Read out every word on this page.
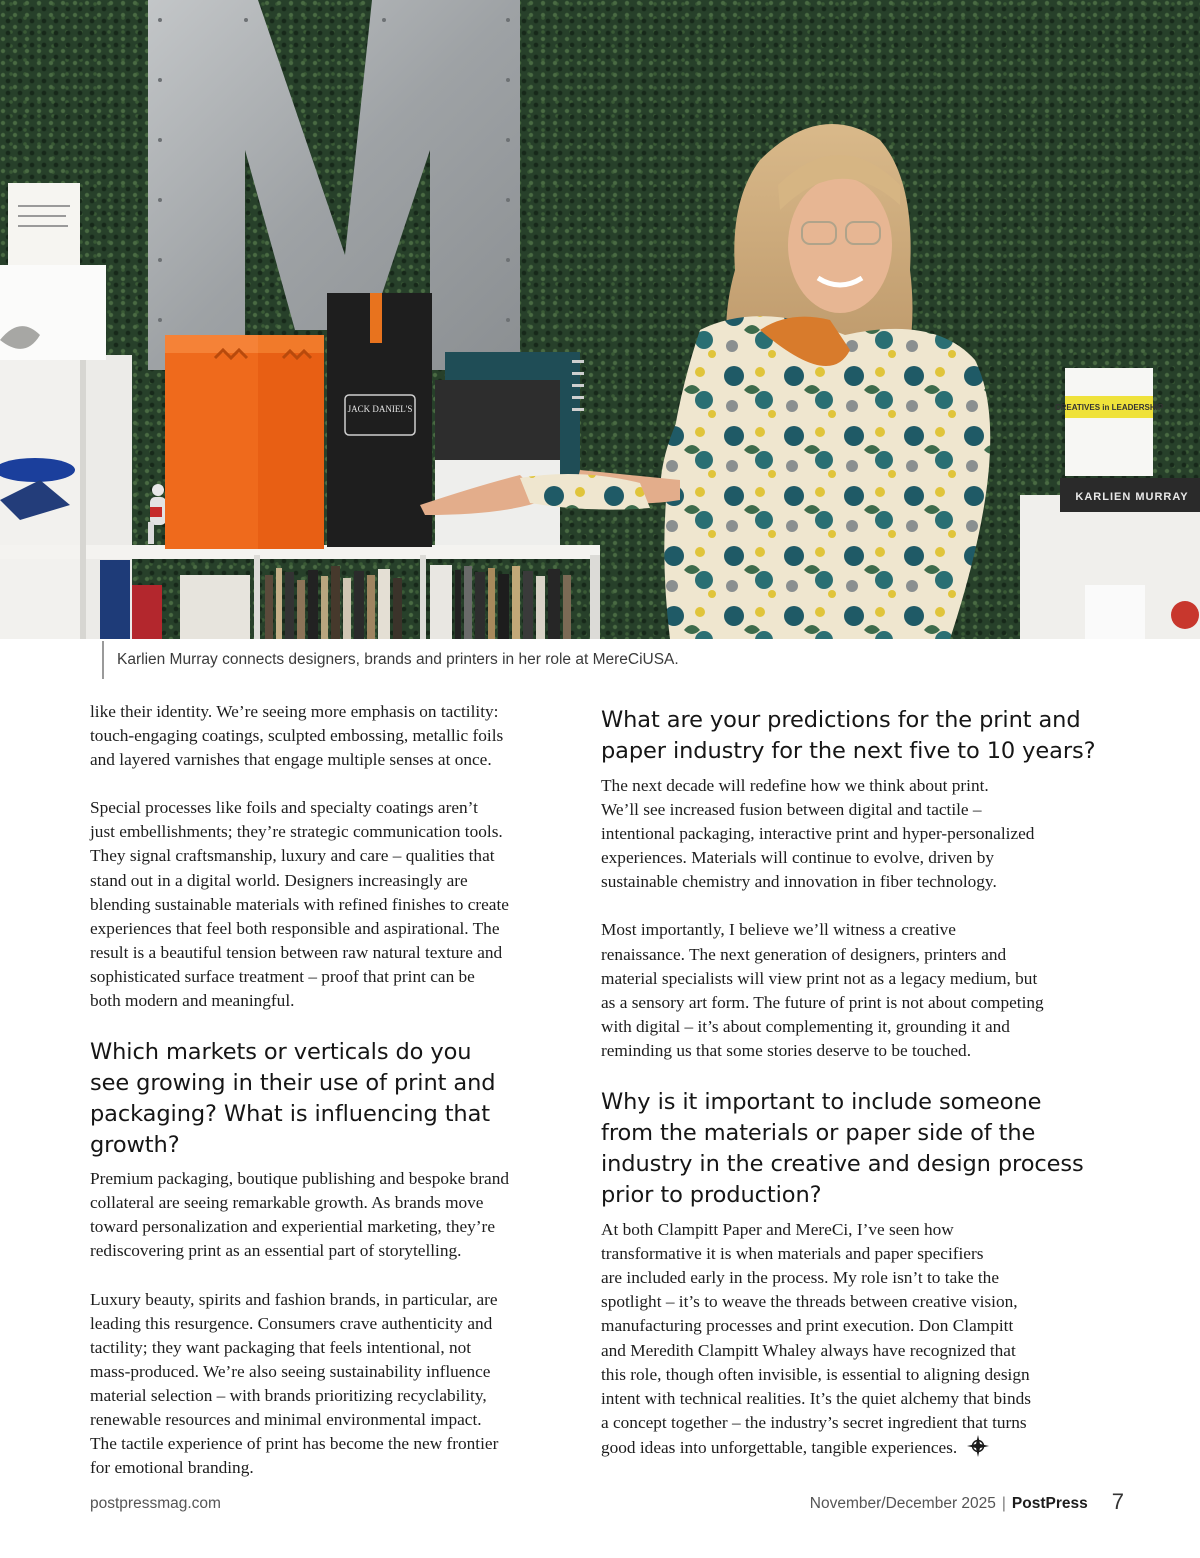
JACK DANIEL'S	CREATIVES in LEADERSHIP
KARLIEN MURRAY
Karlien Murray connects designers, brands and printers in her role at MereCiUSA.

like their identity. We’re seeing more emphasis on tactility:
touch-engaging coatings, sculpted embossing, metallic foils
and layered varnishes that engage multiple senses at once.

Special processes like foils and specialty coatings aren’t
just embellishments; they’re strategic communication tools.
They signal craftsmanship, luxury and care – qualities that
stand out in a digital world. Designers increasingly are
blending sustainable materials with refined finishes to create
experiences that feel both responsible and aspirational. The
result is a beautiful tension between raw natural texture and
sophisticated surface treatment – proof that print can be
both modern and meaningful.

Which markets or verticals do you
see growing in their use of print and
packaging? What is influencing that
growth?

Premium packaging, boutique publishing and bespoke brand
collateral are seeing remarkable growth. As brands move
toward personalization and experiential marketing, they’re
rediscovering print as an essential part of storytelling.

Luxury beauty, spirits and fashion brands, in particular, are
leading this resurgence. Consumers crave authenticity and
tactility; they want packaging that feels intentional, not
mass-produced. We’re also seeing sustainability influence
material selection – with brands prioritizing recyclability,
renewable resources and minimal environmental impact.
The tactile experience of print has become the new frontier
for emotional branding.

What are your predictions for the print and
paper industry for the next five to 10 years?

The next decade will redefine how we think about print.
We’ll see increased fusion between digital and tactile –
intentional packaging, interactive print and hyper-personalized
experiences. Materials will continue to evolve, driven by
sustainable chemistry and innovation in fiber technology.

Most importantly, I believe we’ll witness a creative
renaissance. The next generation of designers, printers and
material specialists will view print not as a legacy medium, but
as a sensory art form. The future of print is not about competing
with digital – it’s about complementing it, grounding it and
reminding us that some stories deserve to be touched.

Why is it important to include someone
from the materials or paper side of the
industry in the creative and design process
prior to production?

At both Clampitt Paper and MereCi, I’ve seen how
transformative it is when materials and paper specifiers
are included early in the process. My role isn’t to take the
spotlight – it’s to weave the threads between creative vision,
manufacturing processes and print execution. Don Clampitt
and Meredith Clampitt Whaley always have recognized that
this role, though often invisible, is essential to aligning design
intent with technical realities. It’s the quiet alchemy that binds
a concept together – the industry’s secret ingredient that turns
good ideas into unforgettable, tangible experiences.

postpressmag.com	November/December 2025 | PostPress 7
